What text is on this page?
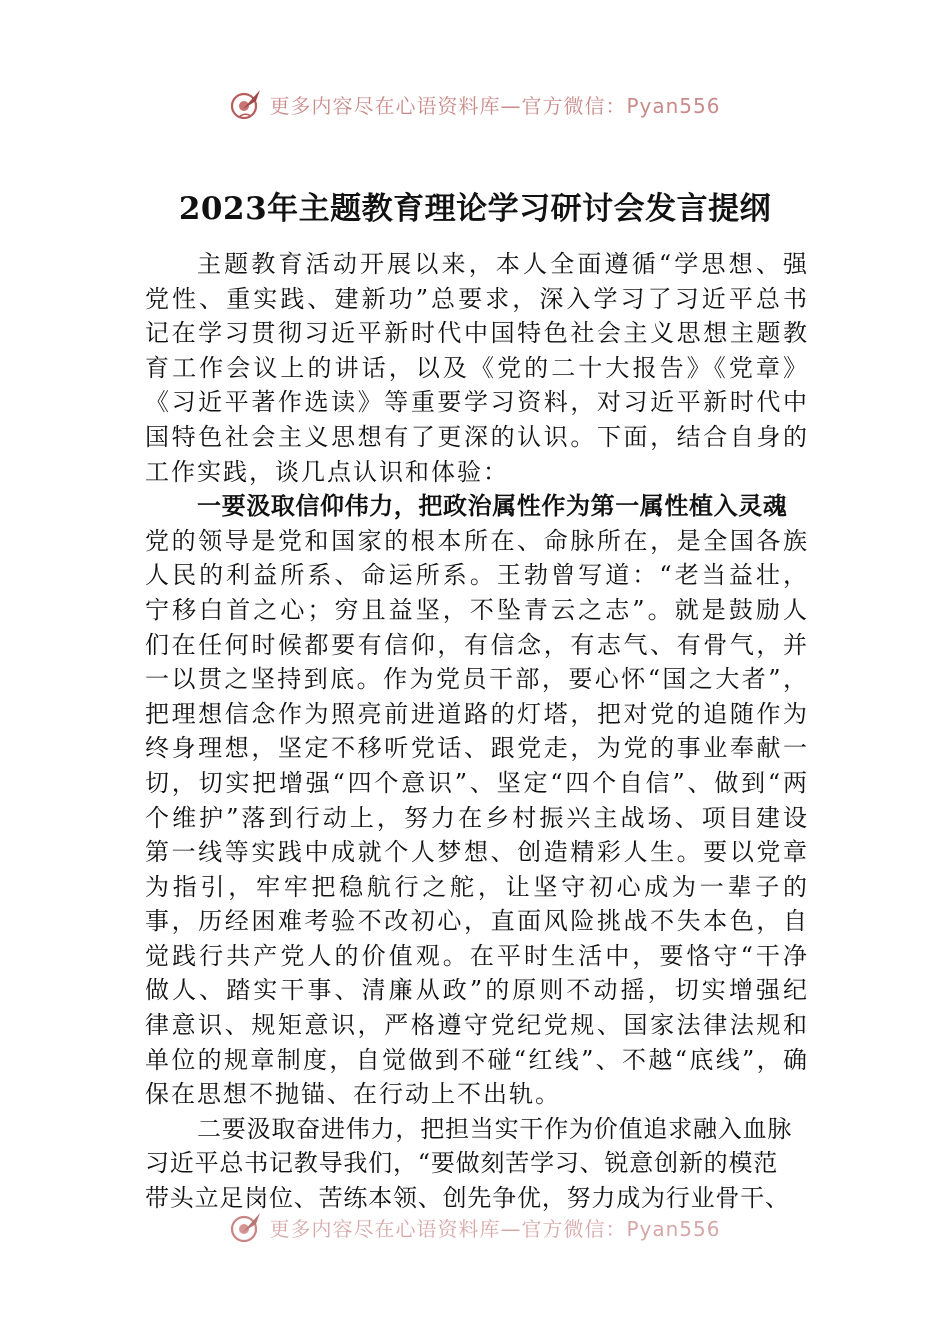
更多内容尽在心语资料库—官方微信：Pyan556
2023年主题教育理论学习研讨会发言提纲

主题教育活动开展以来，本人全面遵循“学思想、强党性、重实践、建新功”总要求，深入学习了习近平总书记在学习贯彻习近平新时代中国特色社会主义思想主题教育工作会议上的讲话，以及《党的二十大报告》《党章》《习近平著作选读》等重要学习资料，对习近平新时代中国特色社会主义思想有了更深的认识。下面，结合自身的工作实践，谈几点认识和体验：

一要汲取信仰伟力，把政治属性作为第一属性植入灵魂

党的领导是党和国家的根本所在、命脉所在，是全国各族人民的利益所系、命运所系。王勃曾写道：“老当益壮，宁移白首之心；穷且益坚，不坠青云之志”。就是鼓励人们在任何时候都要有信仰，有信念，有志气、有骨气，并一以贯之坚持到底。作为党员干部，要心怀“国之大者”，把理想信念作为照亮前进道路的灯塔，把对党的追随作为终身理想，坚定不移听党话、跟党走，为党的事业奉献一切，切实把增强“四个意识”、坚定“四个自信”、做到“两个维护”落到行动上，努力在乡村振兴主战场、项目建设第一线等实践中成就个人梦想、创造精彩人生。要以党章为指引，牢牢把稳航行之舵，让坚守初心成为一辈子的事，历经困难考验不改初心，直面风险挑战不失本色，自觉践行共产党人的价值观。在平时生活中，要恪守“干净做人、踏实干事、清廉从政”的原则不动摇，切实增强纪律意识、规矩意识，严格遵守党纪党规、国家法律法规和单位的规章制度，自觉做到不碰“红线”、不越“底线”，确保在思想不抛锚、在行动上不出轨。

二要汲取奋进伟力，把担当实干作为价值追求融入血脉

习近平总书记教导我们，“要做刻苦学习、锐意创新的模范

带头立足岗位、苦练本领、创先争优，努力成为行业骨干、

更多内容尽在心语资料库—官方微信：Pyan556
